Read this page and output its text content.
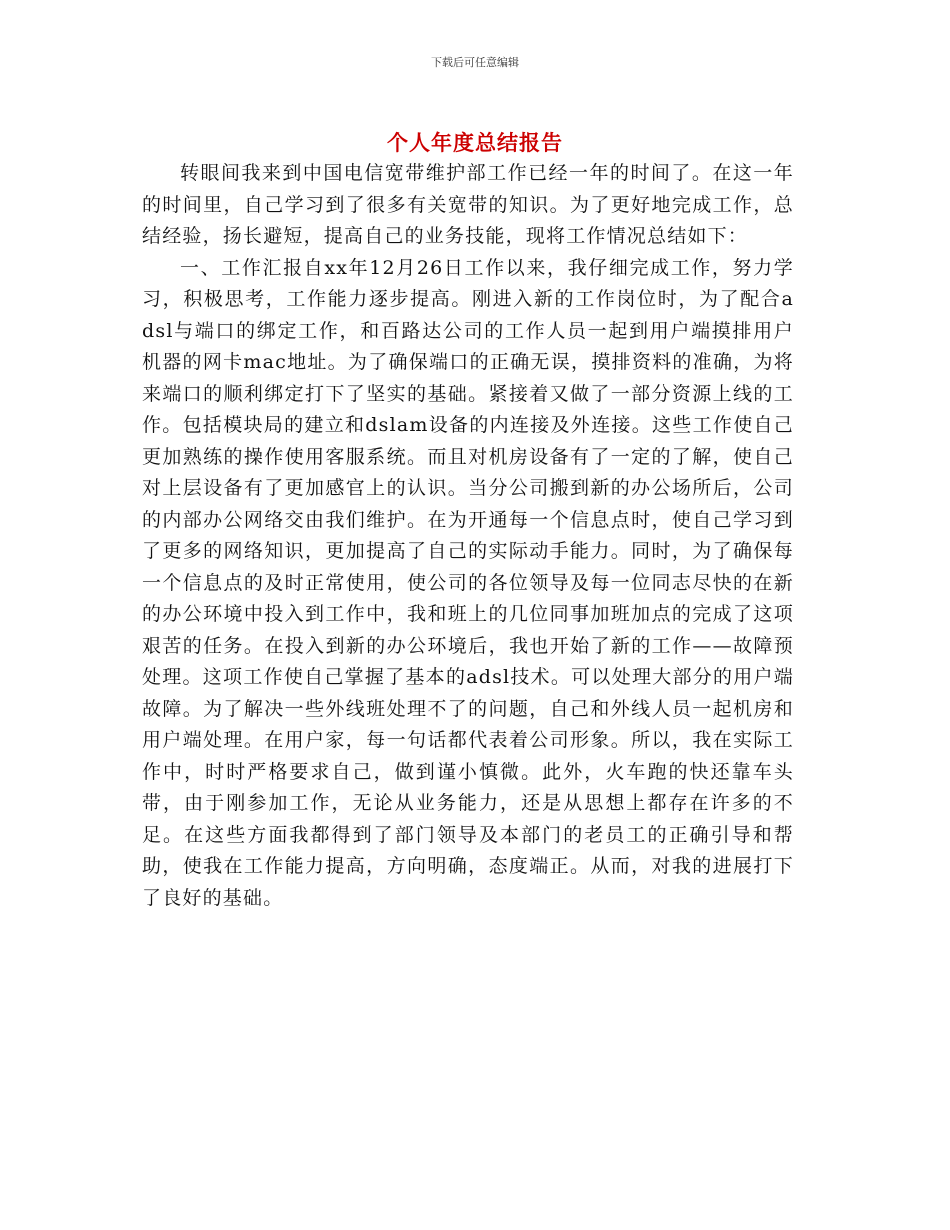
下载后可任意编辑
个人年度总结报告

转眼间我来到中国电信宽带维护部工作已经一年的时间了。在这一年的时间里，自己学习到了很多有关宽带的知识。为了更好地完成工作，总结经验，扬长避短，提高自己的业务技能，现将工作情况总结如下：

一、工作汇报自xx年12月26日工作以来，我仔细完成工作，努力学习，积极思考，工作能力逐步提高。刚进入新的工作岗位时，为了配合adsl与端口的绑定工作，和百路达公司的工作人员一起到用户端摸排用户机器的网卡mac地址。为了确保端口的正确无误，摸排资料的准确，为将来端口的顺利绑定打下了坚实的基础。紧接着又做了一部分资源上线的工作。包括模块局的建立和dslam设备的内连接及外连接。这些工作使自己更加熟练的操作使用客服系统。而且对机房设备有了一定的了解，使自己对上层设备有了更加感官上的认识。当分公司搬到新的办公场所后，公司的内部办公网络交由我们维护。在为开通每一个信息点时，使自己学习到了更多的网络知识，更加提高了自己的实际动手能力。同时，为了确保每一个信息点的及时正常使用，使公司的各位领导及每一位同志尽快的在新的办公环境中投入到工作中，我和班上的几位同事加班加点的完成了这项艰苦的任务。在投入到新的办公环境后，我也开始了新的工作——故障预处理。这项工作使自己掌握了基本的adsl技术。可以处理大部分的用户端故障。为了解决一些外线班处理不了的问题，自己和外线人员一起机房和用户端处理。在用户家，每一句话都代表着公司形象。所以，我在实际工作中，时时严格要求自己，做到谨小慎微。此外，火车跑的快还靠车头带，由于刚参加工作，无论从业务能力，还是从思想上都存在许多的不足。在这些方面我都得到了部门领导及本部门的老员工的正确引导和帮助，使我在工作能力提高，方向明确，态度端正。从而，对我的进展打下了良好的基础。
